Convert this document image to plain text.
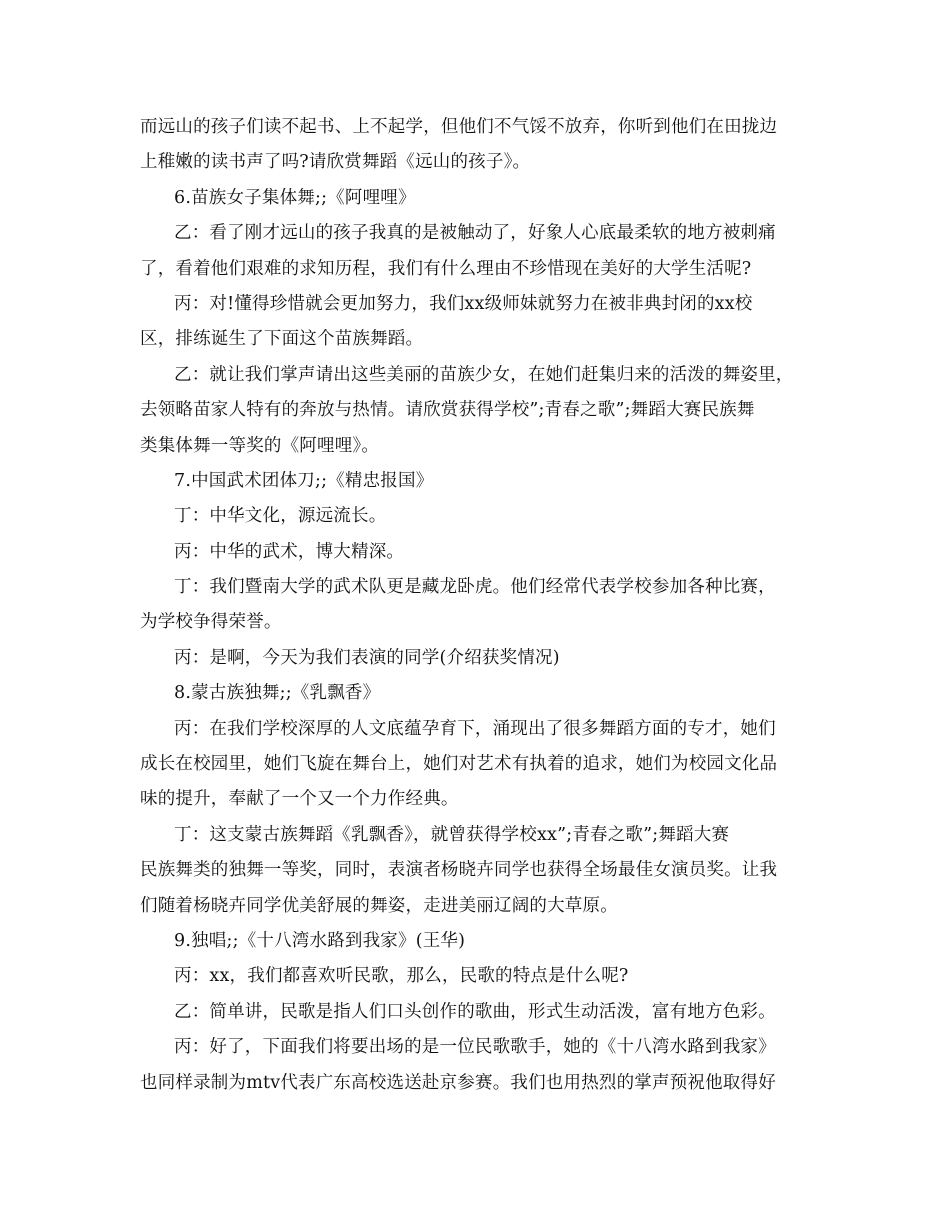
而远山的孩子们读不起书、上不起学，但他们不气馁不放弃，你听到他们在田拢边
上稚嫩的读书声了吗?请欣赏舞蹈《远山的孩子》。
6.苗族女子集体舞;;《阿哩哩》
乙：看了刚才远山的孩子我真的是被触动了，好象人心底最柔软的地方被刺痛
了，看着他们艰难的求知历程，我们有什么理由不珍惜现在美好的大学生活呢?
丙：对!懂得珍惜就会更加努力，我们xx级师妹就努力在被非典封闭的xx校
区，排练诞生了下面这个苗族舞蹈。
乙：就让我们掌声请出这些美丽的苗族少女，在她们赶集归来的活泼的舞姿里，
去领略苗家人特有的奔放与热情。请欣赏获得学校”;青春之歌”;舞蹈大赛民族舞
类集体舞一等奖的《阿哩哩》。
7.中国武术团体刀;;《精忠报国》
丁：中华文化，源远流长。
丙：中华的武术，博大精深。
丁：我们暨南大学的武术队更是藏龙卧虎。他们经常代表学校参加各种比赛，
为学校争得荣誉。
丙：是啊，今天为我们表演的同学(介绍获奖情况)
8.蒙古族独舞;;《乳飘香》
丙：在我们学校深厚的人文底蕴孕育下，涌现出了很多舞蹈方面的专才，她们
成长在校园里，她们飞旋在舞台上，她们对艺术有执着的追求，她们为校园文化品
味的提升，奉献了一个又一个力作经典。
丁：这支蒙古族舞蹈《乳飘香》，就曾获得学校xx”;青春之歌”;舞蹈大赛
民族舞类的独舞一等奖，同时，表演者杨晓卉同学也获得全场最佳女演员奖。让我
们随着杨晓卉同学优美舒展的舞姿，走进美丽辽阔的大草原。
9.独唱;;《十八湾水路到我家》(王华)
丙：xx，我们都喜欢听民歌，那么，民歌的特点是什么呢?
乙：简单讲，民歌是指人们口头创作的歌曲，形式生动活泼，富有地方色彩。
丙：好了，下面我们将要出场的是一位民歌歌手，她的《十八湾水路到我家》
也同样录制为mtv代表广东高校选送赴京参赛。我们也用热烈的掌声预祝他取得好
